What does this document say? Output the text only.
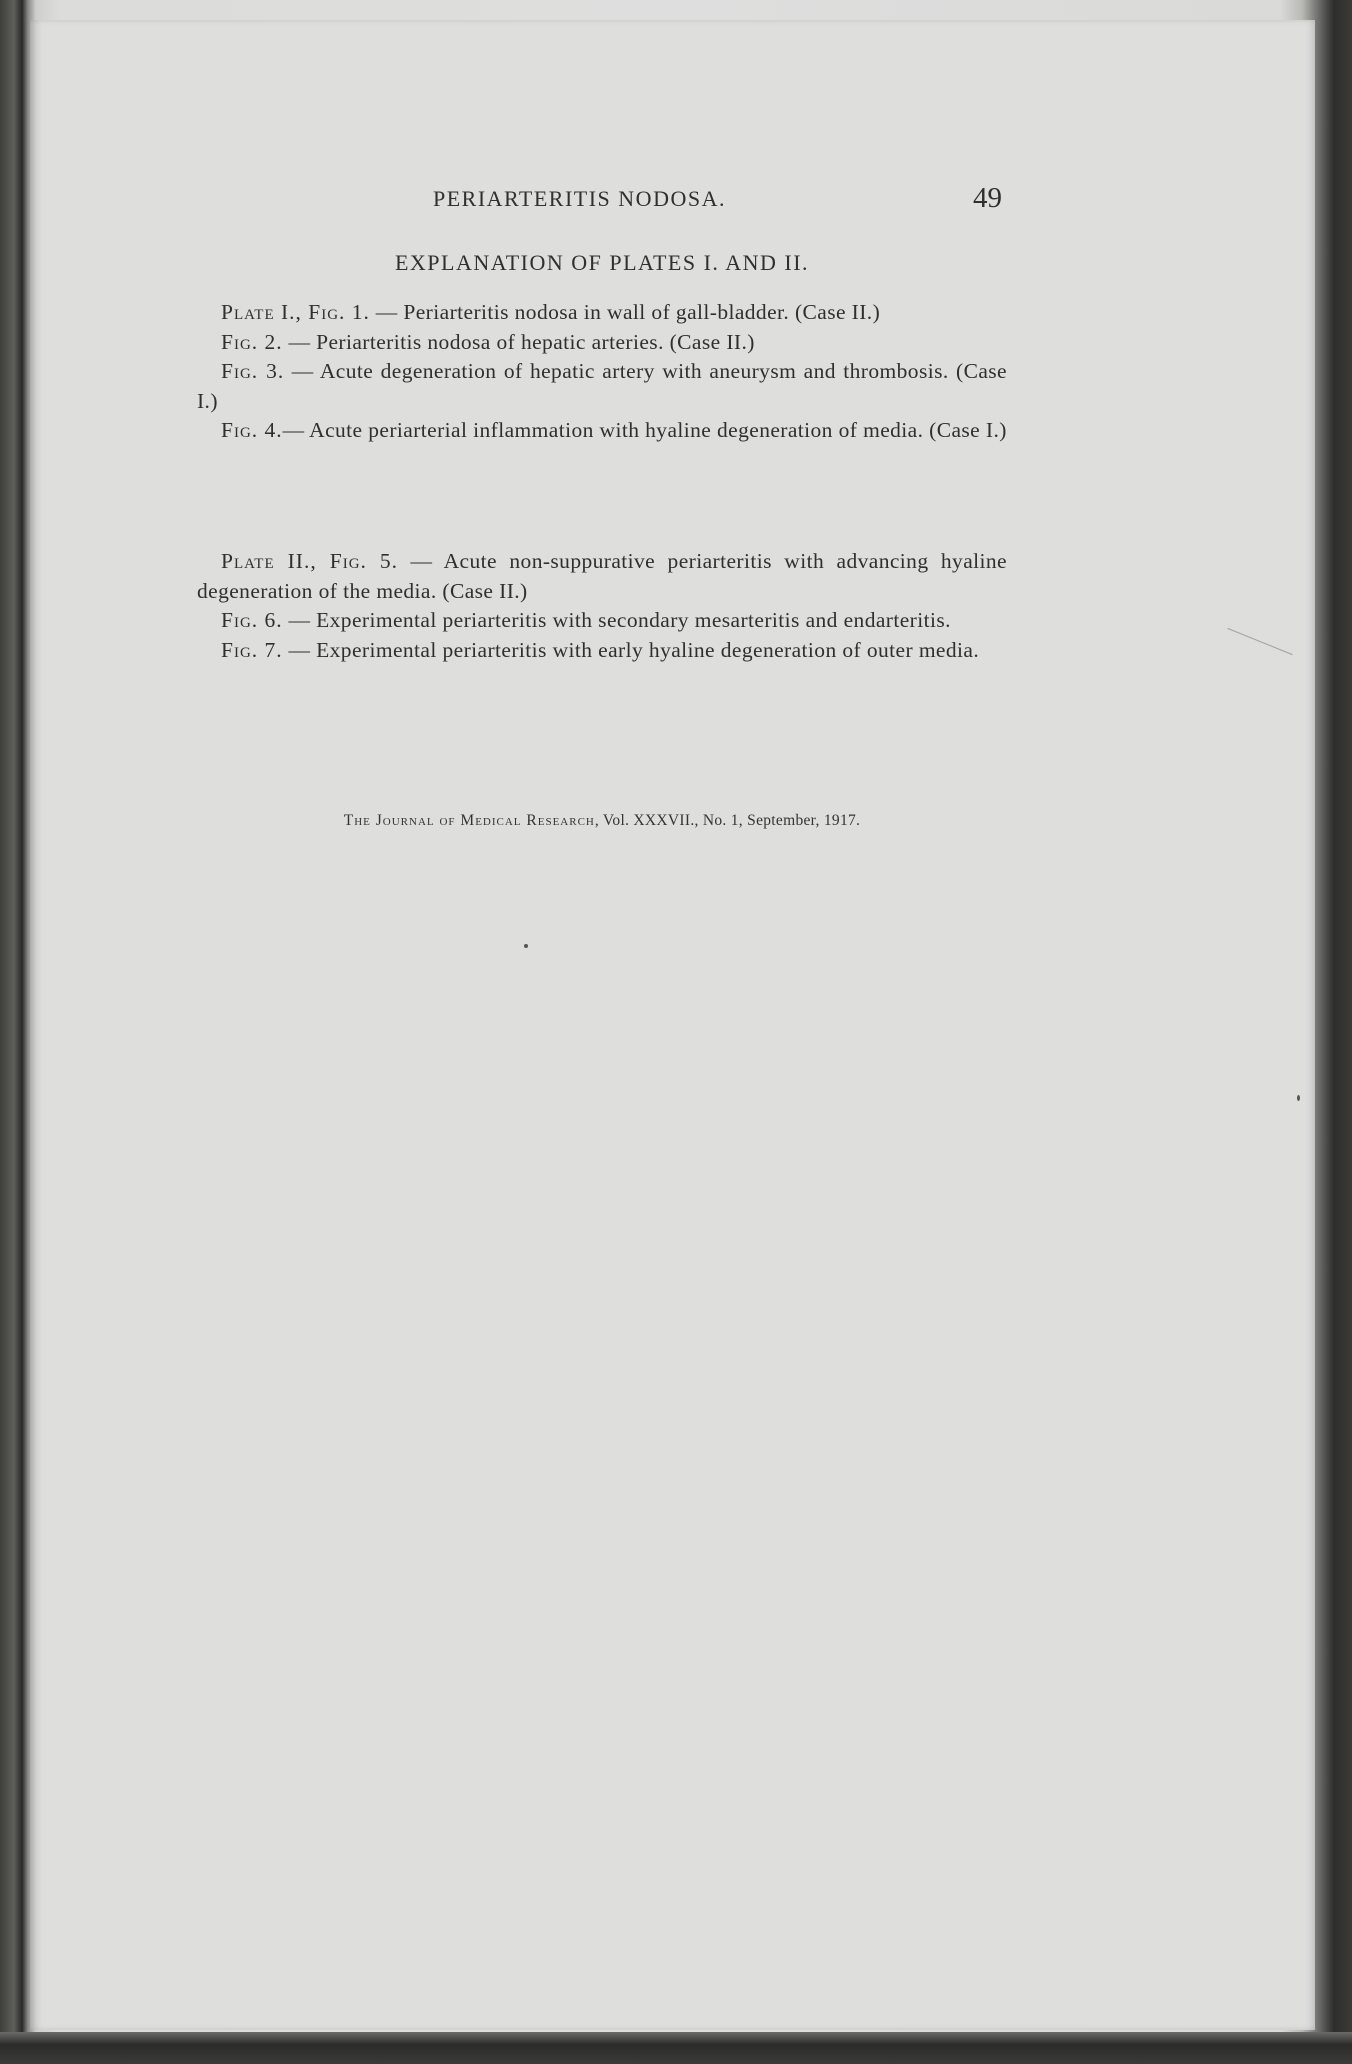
PERIARTERITIS NODOSA.	49
EXPLANATION OF PLATES I. AND II.

Plate I., Fig. 1. — Periarteritis nodosa in wall of gall-bladder. (Case II.)

Fig. 2. — Periarteritis nodosa of hepatic arteries. (Case II.)

Fig. 3. — Acute degeneration of hepatic artery with aneurysm and thrombosis. (Case I.)

Fig. 4.— Acute periarterial inflammation with hyaline degeneration of media. (Case I.)

Plate II., Fig. 5. — Acute non-suppurative periarteritis with advancing hyaline degeneration of the media. (Case II.)

Fig. 6. — Experimental periarteritis with secondary mesarteritis and endarteritis.

Fig. 7. — Experimental periarteritis with early hyaline degeneration of outer media.

The Journal of Medical Research, Vol. XXXVII., No. 1, September, 1917.
